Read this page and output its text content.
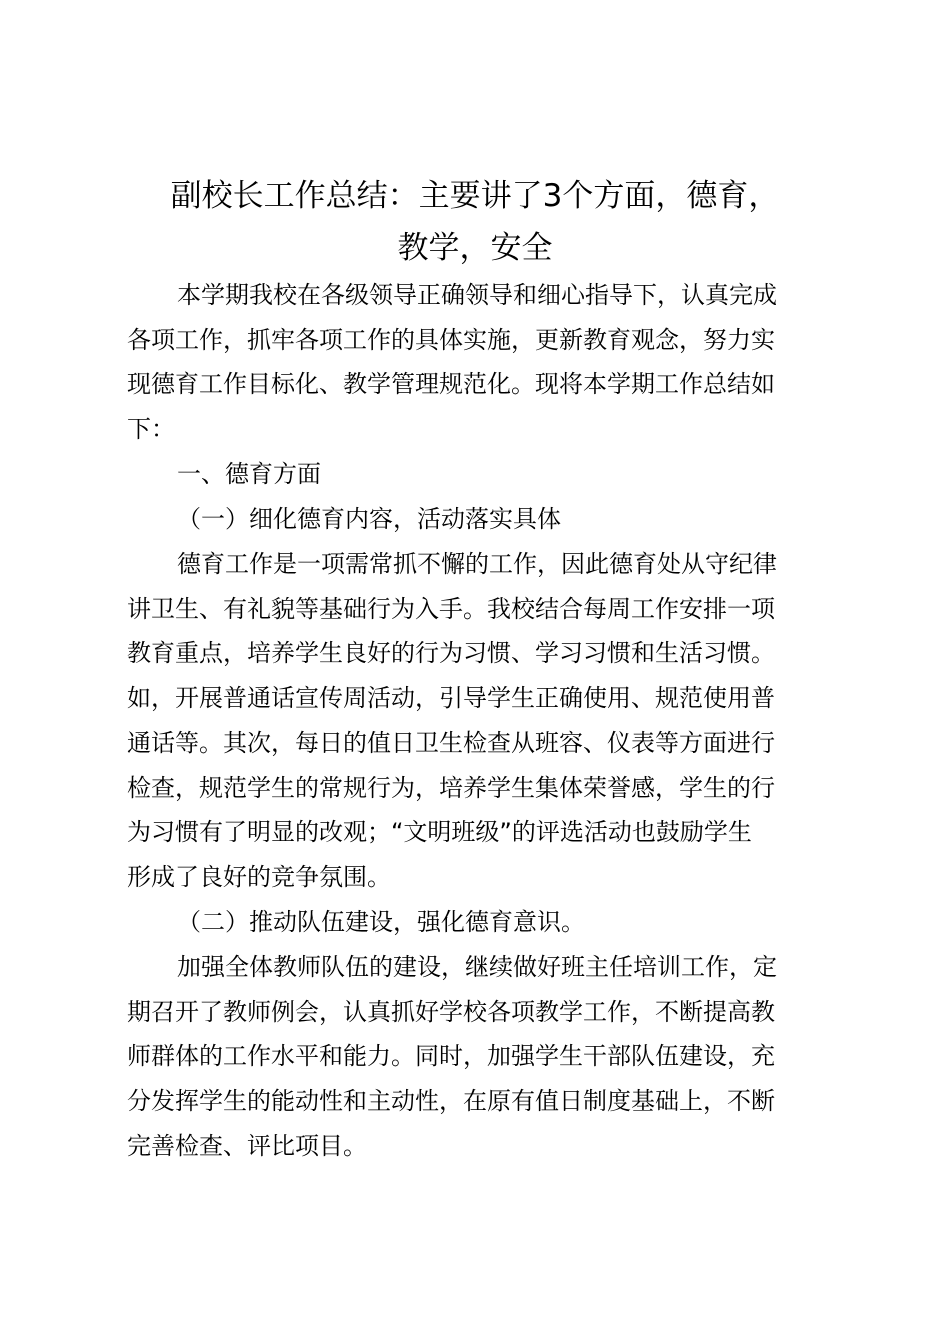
副校长工作总结：主要讲了3个方面，德育，
教学，安全
本学期我校在各级领导正确领导和细心指导下，认真完成
各项工作，抓牢各项工作的具体实施，更新教育观念，努力实
现德育工作目标化、教学管理规范化。现将本学期工作总结如
下：
一、德育方面
（一）细化德育内容，活动落实具体
德育工作是一项需常抓不懈的工作，因此德育处从守纪律
讲卫生、有礼貌等基础行为入手。我校结合每周工作安排一项
教育重点，培养学生良好的行为习惯、学习习惯和生活习惯。
如，开展普通话宣传周活动，引导学生正确使用、规范使用普
通话等。其次，每日的值日卫生检查从班容、仪表等方面进行
检查，规范学生的常规行为，培养学生集体荣誉感，学生的行
为习惯有了明显的改观；“文明班级”的评选活动也鼓励学生
形成了良好的竞争氛围。
（二）推动队伍建设，强化德育意识。
加强全体教师队伍的建设，继续做好班主任培训工作，定
期召开了教师例会，认真抓好学校各项教学工作，不断提高教
师群体的工作水平和能力。同时，加强学生干部队伍建设，充
分发挥学生的能动性和主动性，在原有值日制度基础上，不断
完善检查、评比项目。
